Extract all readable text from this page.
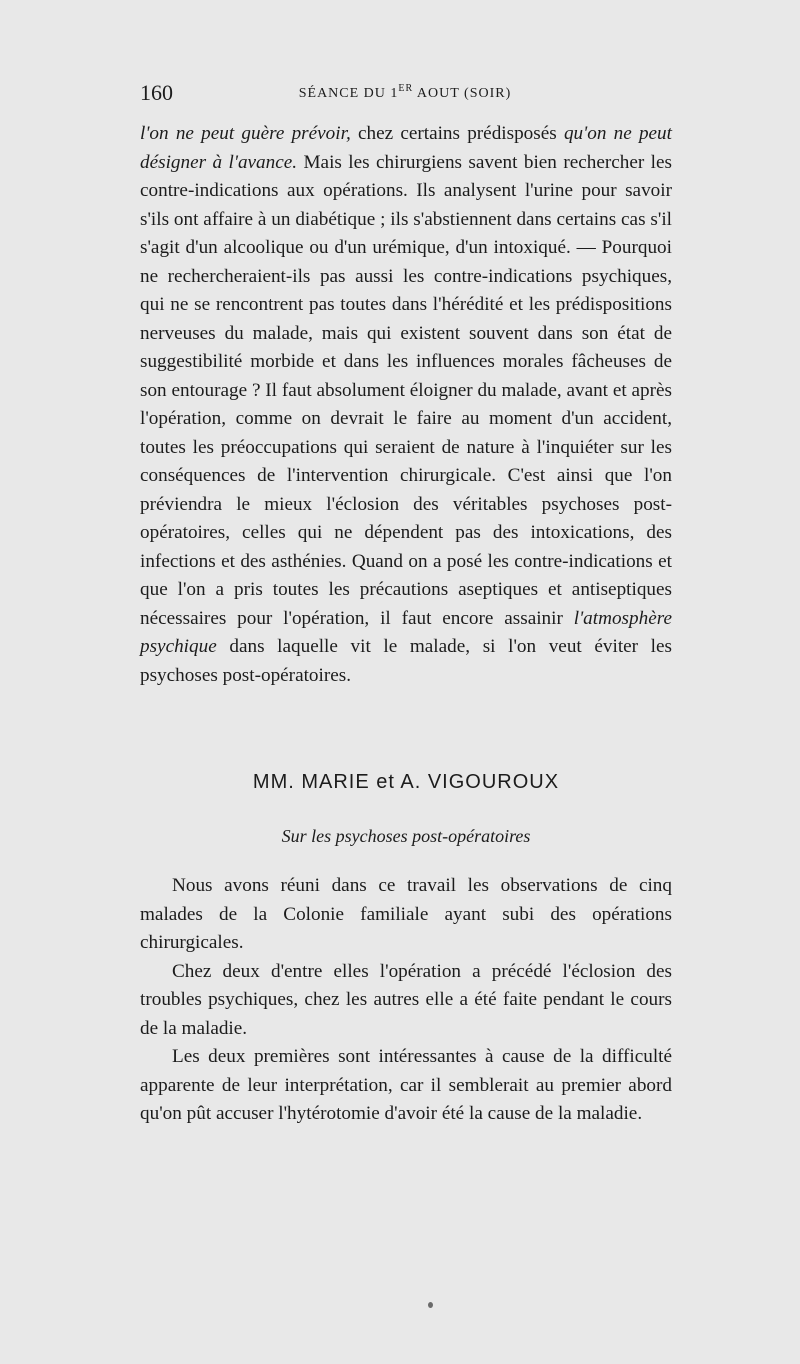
160	SÉANCE DU 1ER AOUT (SOIR)

l'on ne peut guère prévoir, chez certains prédisposés qu'on ne peut désigner à l'avance. Mais les chirurgiens savent bien rechercher les contre-indications aux opérations. Ils analysent l'urine pour savoir s'ils ont affaire à un diabétique ; ils s'abstiennent dans certains cas s'il s'agit d'un alcoolique ou d'un urémique, d'un intoxiqué. — Pourquoi ne rechercheraient-ils pas aussi les contre-indications psychiques, qui ne se rencontrent pas toutes dans l'hérédité et les prédispositions nerveuses du malade, mais qui existent souvent dans son état de suggestibilité morbide et dans les influences morales fâcheuses de son entourage ? Il faut absolument éloigner du malade, avant et après l'opération, comme on devrait le faire au moment d'un accident, toutes les préoccupations qui seraient de nature à l'inquiéter sur les conséquences de l'intervention chirurgicale. C'est ainsi que l'on préviendra le mieux l'éclosion des véritables psychoses post-opératoires, celles qui ne dépendent pas des intoxications, des infections et des asthénies. Quand on a posé les contre-indications et que l'on a pris toutes les précautions aseptiques et antiseptiques nécessaires pour l'opération, il faut encore assainir l'atmosphère psychique dans laquelle vit le malade, si l'on veut éviter les psychoses post-opératoires.

MM. MARIE et A. VIGOUROUX
Sur les psychoses post-opératoires

Nous avons réuni dans ce travail les observations de cinq malades de la Colonie familiale ayant subi des opérations chirurgicales.

Chez deux d'entre elles l'opération a précédé l'éclosion des troubles psychiques, chez les autres elle a été faite pendant le cours de la maladie.

Les deux premières sont intéressantes à cause de la difficulté apparente de leur interprétation, car il semblerait au premier abord qu'on pût accuser l'hytérotomie d'avoir été la cause de la maladie.
